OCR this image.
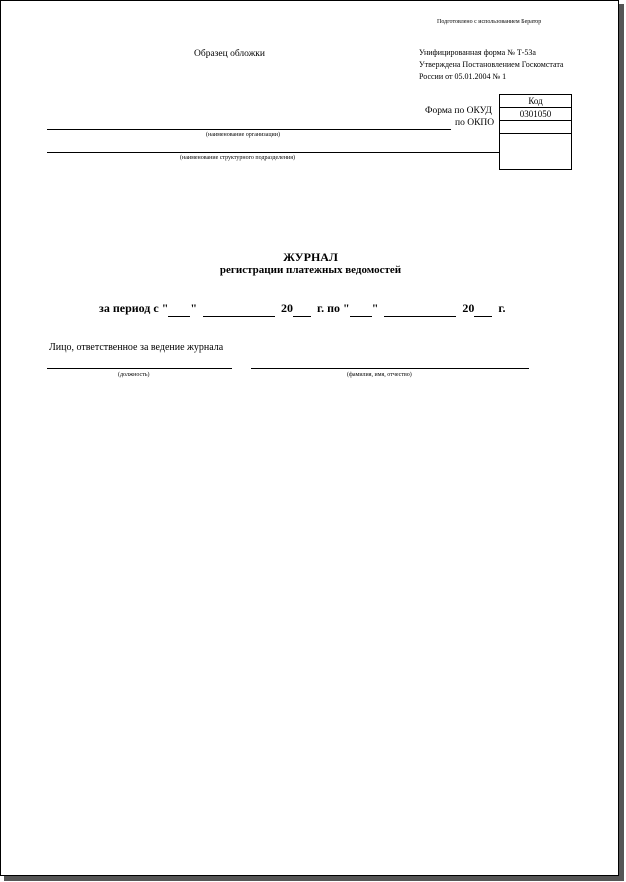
Подготовлено с использованием Бератор
Образец обложки	Унифицированная форма № Т-53а
Утверждена Постановлением Госкомстата
России от 05.01.2004 № 1
Код
0301050
Форма по ОКУД
по ОКПО
(наименование организации)
(наименование структурного подразделения)
ЖУРНАЛ
регистрации платежных ведомостей
за период с " "	20 г. по " "	20 г.
Лицо, ответственное за ведение журнала
(должность)	(фамилия, имя, отчество)
